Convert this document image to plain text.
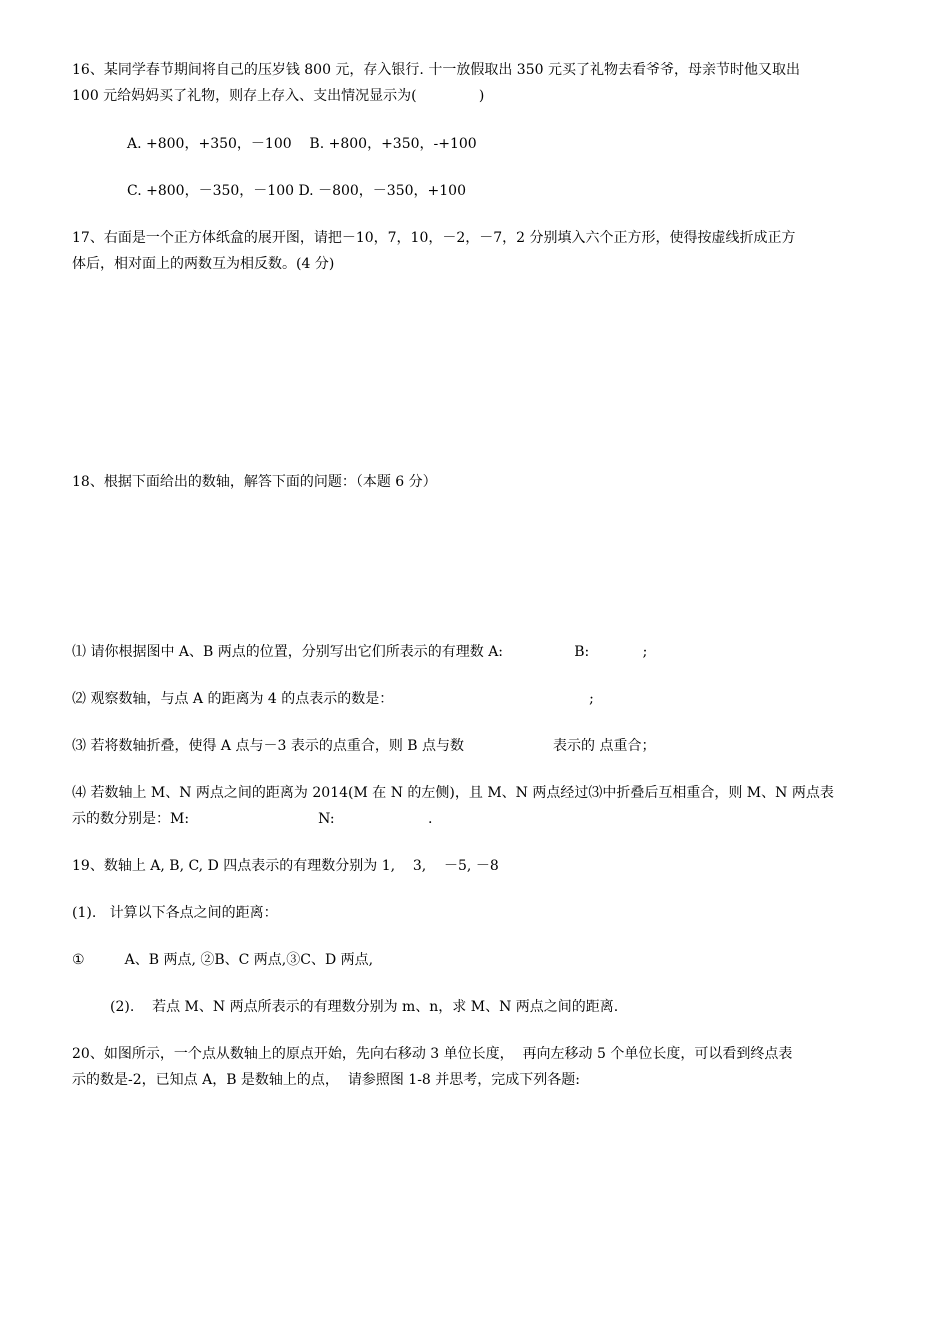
16、某同学春节期间将自己的压岁钱 800 元，存入银行. 十一放假取出 350 元买了礼物去看爷爷，母亲节时他又取出
100 元给妈妈买了礼物，则存上存入、支出情况显示为(              )
A. +800，+350，－100    B. +800，+350，-+100
C. +800，－350，－100 D. －800，－350，+100
17、右面是一个正方体纸盒的展开图，请把－10，7，10，－2，－7，2 分别填入六个正方形，使得按虚线折成正方
体后，相对面上的两数互为相反数。(4 分)
18、根据下面给出的数轴，解答下面的问题：（本题 6 分）
⑴ 请你根据图中 A、B 两点的位置，分别写出它们所表示的有理数 A:                B:            ;
⑵ 观察数轴，与点 A 的距离为 4 的点表示的数是：                                            ;
⑶ 若将数轴折叠，使得 A 点与－3 表示的点重合，则 B 点与数                    表示的 点重合；
⑷ 若数轴上 M、N 两点之间的距离为 2014(M 在 N 的左侧)，且 M、N 两点经过⑶中折叠后互相重合，则 M、N 两点表
示的数分别是：M:                             N:                     .
19、数轴上 A, B, C, D 四点表示的有理数分别为 1,    3,    －5, －8
(1).   计算以下各点之间的距离：
①         A、B 两点, ②B、C 两点,③C、D 两点,
(2).    若点 M、N 两点所表示的有理数分别为 m、n，求 M、N 两点之间的距离.
20、如图所示，一个点从数轴上的原点开始，先向右移动 3 单位长度，  再向左移动 5 个单位长度，可以看到终点表
示的数是-2，已知点 A，B 是数轴上的点，  请参照图 1-8 并思考，完成下列各题:
